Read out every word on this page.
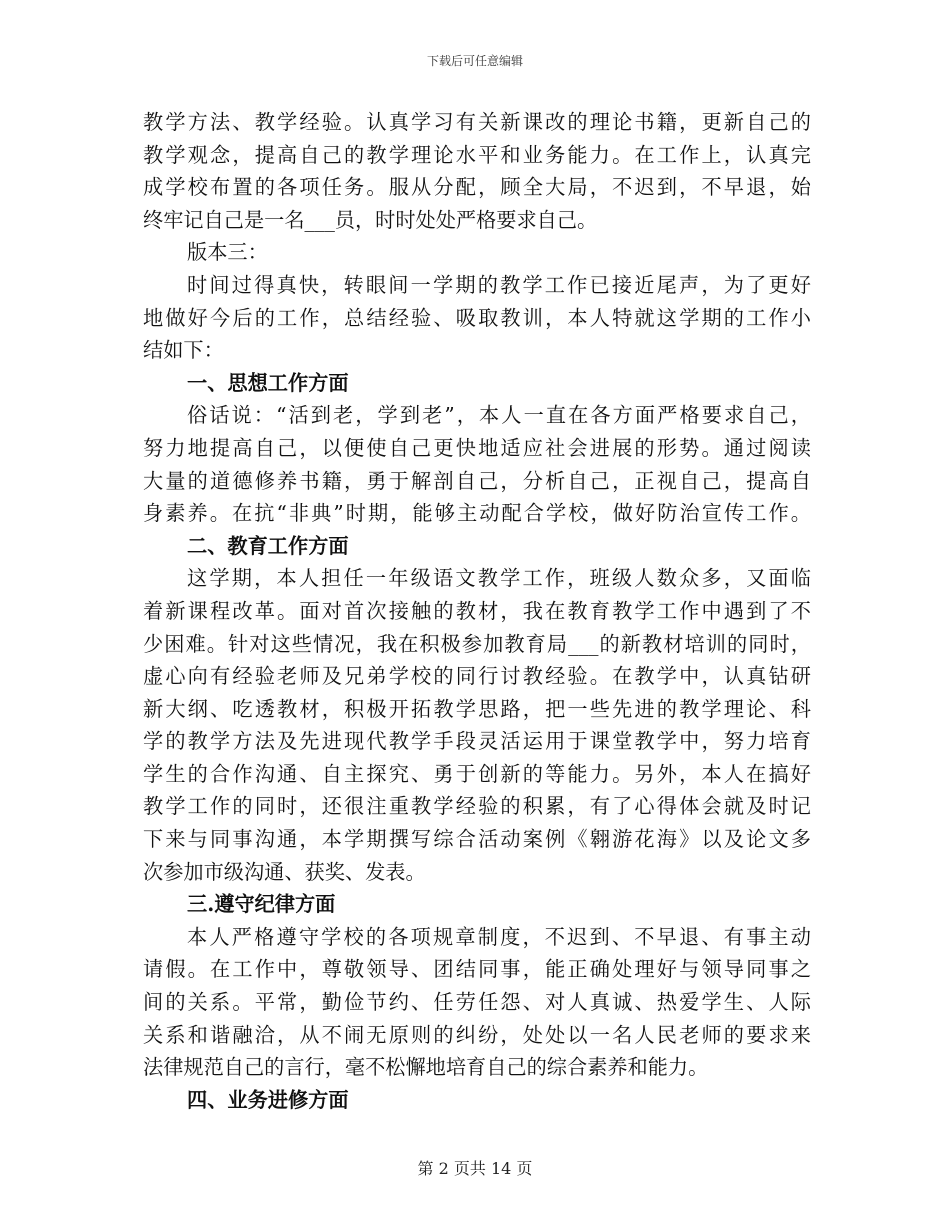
下载后可任意编辑
教学方法、教学经验。认真学习有关新课改的理论书籍，更新自己的
教学观念，提高自己的教学理论水平和业务能力。在工作上，认真完
成学校布置的各项任务。服从分配，顾全大局，不迟到，不早退，始
终牢记自己是一名___员，时时处处严格要求自己。
版本三：
时间过得真快，转眼间一学期的教学工作已接近尾声，为了更好
地做好今后的工作，总结经验、吸取教训，本人特就这学期的工作小
结如下：
一、思想工作方面
俗话说：“活到老，学到老”，本人一直在各方面严格要求自己，
努力地提高自己，以便使自己更快地适应社会进展的形势。通过阅读
大量的道德修养书籍，勇于解剖自己，分析自己，正视自己，提高自
身素养。在抗“非典”时期，能够主动配合学校，做好防治宣传工作。
二、教育工作方面
这学期，本人担任一年级语文教学工作，班级人数众多，又面临
着新课程改革。面对首次接触的教材，我在教育教学工作中遇到了不
少困难。针对这些情况，我在积极参加教育局___的新教材培训的同时，
虚心向有经验老师及兄弟学校的同行讨教经验。在教学中，认真钻研
新大纲、吃透教材，积极开拓教学思路，把一些先进的教学理论、科
学的教学方法及先进现代教学手段灵活运用于课堂教学中，努力培育
学生的合作沟通、自主探究、勇于创新的等能力。另外，本人在搞好
教学工作的同时，还很注重教学经验的积累，有了心得体会就及时记
下来与同事沟通，本学期撰写综合活动案例《翱游花海》以及论文多
次参加市级沟通、获奖、发表。
三.遵守纪律方面
本人严格遵守学校的各项规章制度，不迟到、不早退、有事主动
请假。在工作中，尊敬领导、团结同事，能正确处理好与领导同事之
间的关系。平常，勤俭节约、任劳任怨、对人真诚、热爱学生、人际
关系和谐融洽，从不闹无原则的纠纷，处处以一名人民老师的要求来
法律规范自己的言行，毫不松懈地培育自己的综合素养和能力。
四、业务进修方面
第 2 页共 14 页
